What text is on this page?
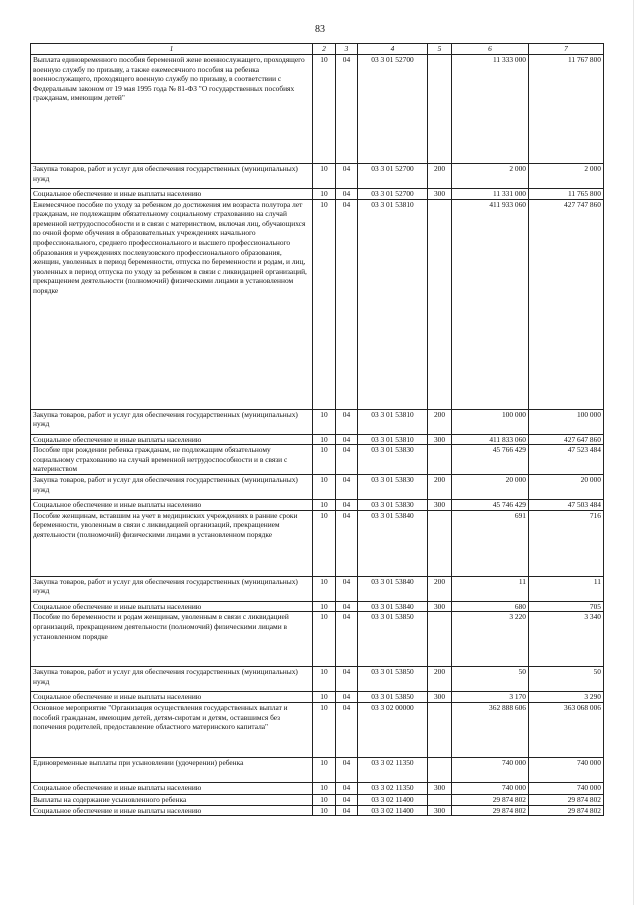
83
1	2	3	4	5	6	7
Выплата единовременного пособия беременной жене военнослужащего, проходящего военную службу по призыву, а также ежемесячного пособия на ребенка военнослужащего, проходящего военную службу по призыву, в соответствии с Федеральным законом от 19 мая 1995 года № 81-ФЗ "О государственных пособиях гражданам, имеющим детей"	10	04	03 3 01 52700		11 333 000	11 767 800
Закупка товаров, работ и услуг для обеспечения государственных (муниципальных) нужд	10	04	03 3 01 52700	200	2 000	2 000
Социальное обеспечение и иные выплаты населению	10	04	03 3 01 52700	300	11 331 000	11 765 800
Ежемесячное пособие по уходу за ребенком до достижения им возраста полутора лет гражданам, не подлежащим обязательному социальному страхованию на случай временной нетрудоспособности и в связи с материнством, включая лиц, обучающихся по очной форме обучения в образовательных учреждениях начального профессионального, среднего профессионального и высшего профессионального образования и учреждениях послевузовского профессионального образования, женщин, уволенных в период беременности, отпуска по беременности и родам, и лиц, уволенных в период отпуска по уходу за ребенком в связи с ликвидацией организаций, прекращением деятельности (полномочий) физическими лицами в установленном порядке	10	04	03 3 01 53810		411 933 060	427 747 860
Закупка товаров, работ и услуг для обеспечения государственных (муниципальных) нужд	10	04	03 3 01 53810	200	100 000	100 000
Социальное обеспечение и иные выплаты населению	10	04	03 3 01 53810	300	411 833 060	427 647 860
Пособие при рождении ребенка гражданам, не подлежащим обязательному социальному страхованию на случай временной нетрудоспособности и в связи с материнством	10	04	03 3 01 53830		45 766 429	47 523 484
Закупка товаров, работ и услуг для обеспечения государственных (муниципальных) нужд	10	04	03 3 01 53830	200	20 000	20 000
Социальное обеспечение и иные выплаты населению	10	04	03 3 01 53830	300	45 746 429	47 503 484
Пособие женщинам, вставшим на учет в медицинских учреждениях в ранние сроки беременности, уволенным в связи с ликвидацией организаций, прекращением деятельности (полномочий) физическими лицами в установленном порядке	10	04	03 3 01 53840		691	716
Закупка товаров, работ и услуг для обеспечения государственных (муниципальных) нужд	10	04	03 3 01 53840	200	11	11
Социальное обеспечение и иные выплаты населению	10	04	03 3 01 53840	300	680	705
Пособие по беременности и родам женщинам, уволенным в связи с ликвидацией организаций, прекращением деятельности (полномочий) физическими лицами в установленном порядке	10	04	03 3 01 53850		3 220	3 340
Закупка товаров, работ и услуг для обеспечения государственных (муниципальных) нужд	10	04	03 3 01 53850	200	50	50
Социальное обеспечение и иные выплаты населению	10	04	03 3 01 53850	300	3 170	3 290
Основное мероприятие "Организация осуществления государственных выплат и пособий гражданам, имеющим детей, детям-сиротам и детям, оставшимся без попечения родителей, предоставление областного материнского капитала"	10	04	03 3 02 00000		362 888 606	363 068 006
Единовременные выплаты при усыновлении (удочерении) ребенка	10	04	03 3 02 11350		740 000	740 000
Социальное обеспечение и иные выплаты населению	10	04	03 3 02 11350	300	740 000	740 000
Выплаты на содержание усыновленного ребенка	10	04	03 3 02 11400		29 874 802	29 874 802
Социальное обеспечение и иные выплаты населению	10	04	03 3 02 11400	300	29 874 802	29 874 802
